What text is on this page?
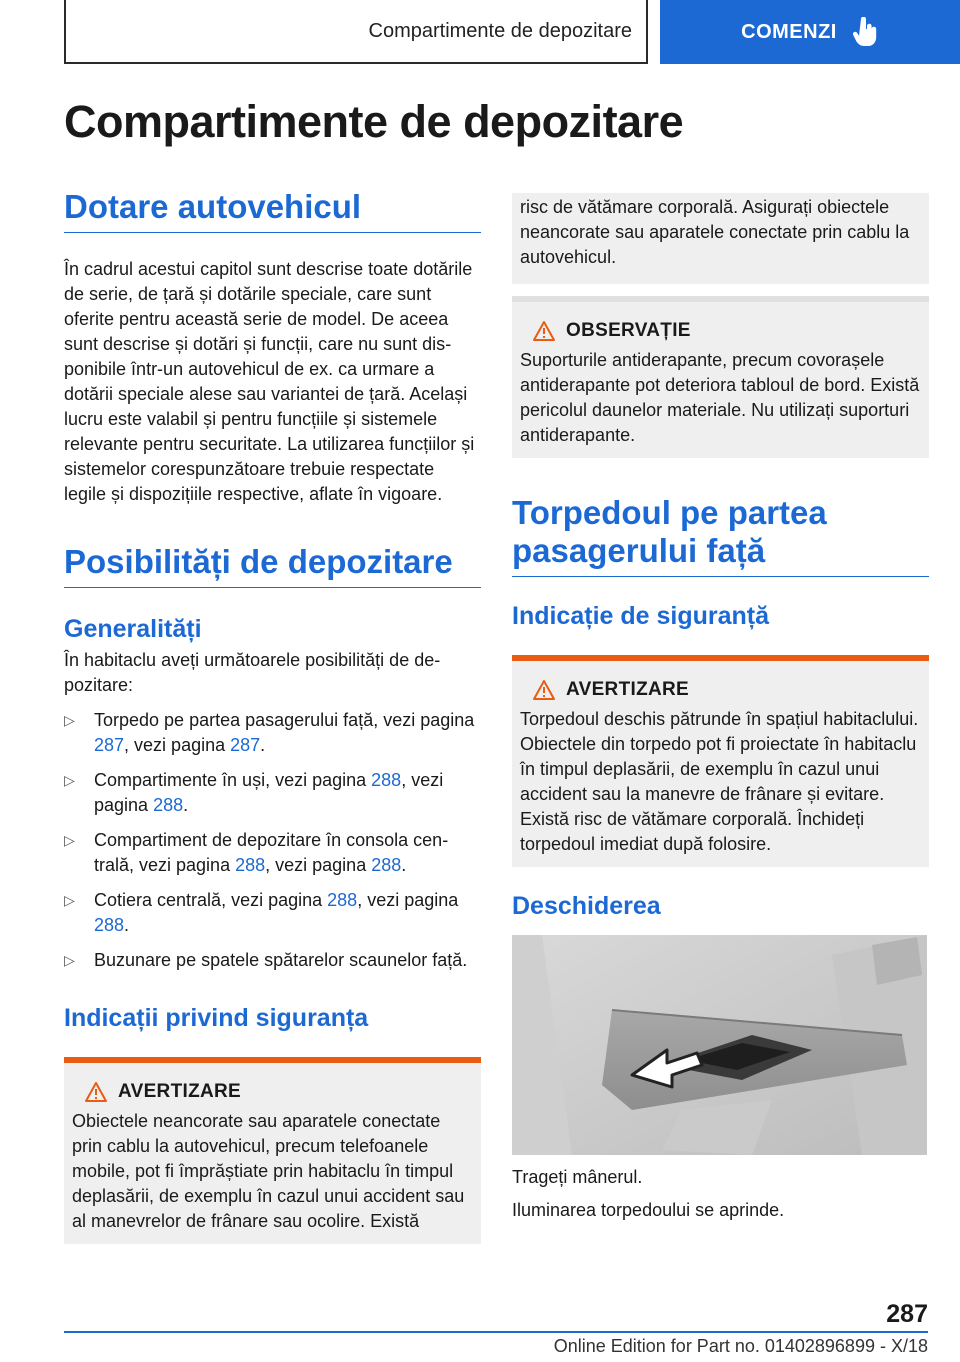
Compartimente de depozitare	COMENZI
Compartimente de depozitare
Dotare autovehicul

În cadrul acestui capitol sunt descrise toate dotările de serie, de țară și dotările speciale, care sunt oferite pentru această serie de model. De aceea sunt descrise și dotări și funcții, care nu sunt disponibile într-un autovehicul de ex. ca urmare a dotării speciale alese sau variantei de țară. Același lucru este valabil și pentru funcțiile și sistemele relevante pentru securitate. La utilizarea funcțiilor și sistemelor corespunzătoare trebuie respectate legile și dispozițiile respective, aflate în vigoare.

Posibilități de depozitare
Generalități

În habitaclu aveți următoarele posibilități de depozitare:

▷ Torpedo pe partea pasagerului față, vezi pagina 287, vezi pagina 287.
▷ Compartimente în uși, vezi pagina 288, vezi pagina 288.
▷ Compartiment de depozitare în consola centrală, vezi pagina 288, vezi pagina 288.
▷ Cotiera centrală, vezi pagina 288, vezi pagina 288.
▷ Buzunare pe spatele spătarelor scaunelor față.
Indicații privind siguranța
AVERTIZARE

Obiectele neancorate sau aparatele conectate prin cablu la autovehicul, precum telefoanele mobile, pot fi împrăștiate prin habitaclu în timpul deplasării, de exemplu în cazul unui accident sau al manevrelor de frânare sau ocolire. Există

risc de vătămare corporală. Asigurați obiectele neancorate sau aparatele conectate prin cablu la autovehicul.

OBSERVAȚIE

Suporturile antiderapante, precum covorașele antiderapante pot deteriora tabloul de bord. Există pericolul daunelor materiale. Nu utilizați suporturi antiderapante.

Torpedoul pe partea pasagerului față
Indicație de siguranță
AVERTIZARE

Torpedoul deschis pătrunde în spațiul habitaclului. Obiectele din torpedo pot fi proiectate în habitaclu în timpul deplasării, de exemplu în cazul unui accident sau la manevre de frânare și evitare. Există risc de vătămare corporală. Închideți torpedoul imediat după folosire.

Deschiderea

Trageți mânerul.

Iluminarea torpedoului se aprinde.

287
Online Edition for Part no. 01402896899 - X/18
